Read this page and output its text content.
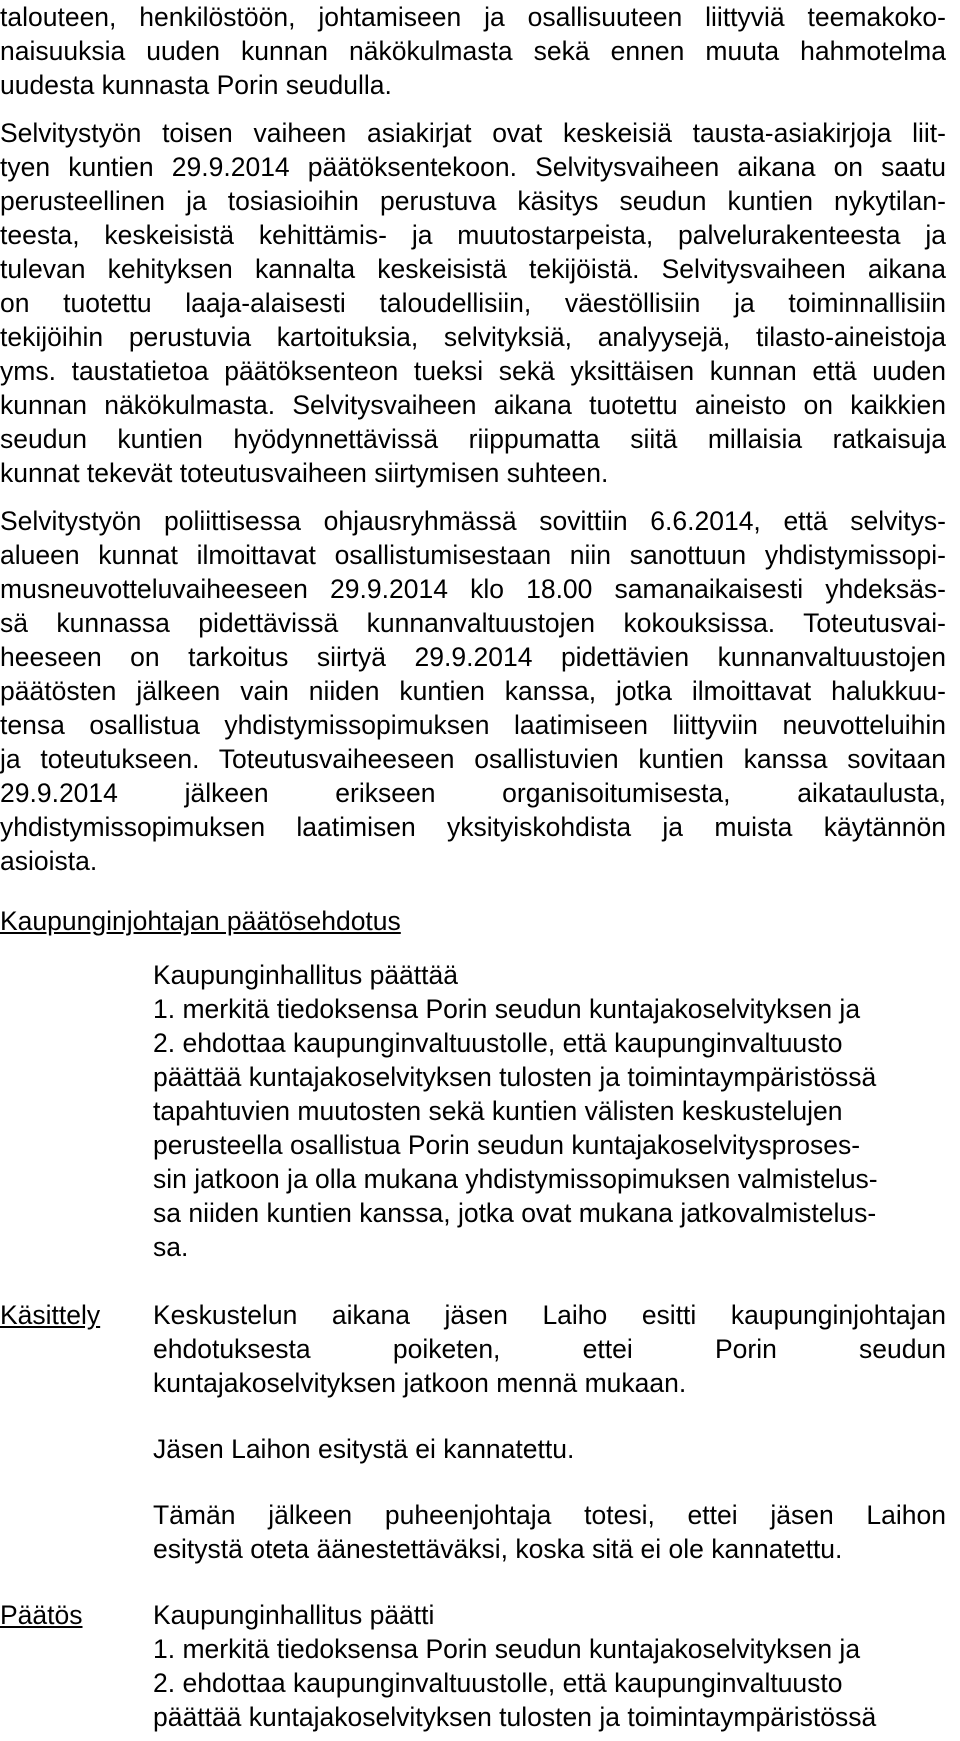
talouteen, henkilöstöön, johtamiseen ja osallisuuteen liittyviä teemakoko-
naisuuksia uuden kunnan näkökulmasta sekä ennen muuta hahmotelma
uudesta kunnasta Porin seudulla.
Selvitystyön toisen vaiheen asiakirjat ovat keskeisiä tausta-asiakirjoja liit-
tyen kuntien 29.9.2014 päätöksentekoon. Selvitysvaiheen aikana on saatu
perusteellinen ja tosiasioihin perustuva käsitys seudun kuntien nykytilan-
teesta, keskeisistä kehittämis- ja muutostarpeista, palvelurakenteesta ja
tulevan kehityksen kannalta keskeisistä tekijöistä. Selvitysvaiheen aikana
on tuotettu laaja-alaisesti taloudellisiin, väestöllisiin ja toiminnallisiin
tekijöihin perustuvia kartoituksia, selvityksiä, analyysejä, tilasto-aineistoja
yms. taustatietoa päätöksenteon tueksi sekä yksittäisen kunnan että uuden
kunnan näkökulmasta. Selvitysvaiheen aikana tuotettu aineisto on kaikkien
seudun kuntien hyödynnettävissä riippumatta siitä millaisia ratkaisuja
kunnat tekevät toteutusvaiheen siirtymisen suhteen.
Selvitystyön poliittisessa ohjausryhmässä sovittiin 6.6.2014, että selvitys-
alueen kunnat ilmoittavat osallistumisestaan niin sanottuun yhdistymissopi-
musneuvotteluvaiheeseen 29.9.2014 klo 18.00 samanaikaisesti yhdeksäs-
sä kunnassa pidettävissä kunnanvaltuustojen kokouksissa. Toteutusvai-
heeseen on tarkoitus siirtyä 29.9.2014 pidettävien kunnanvaltuustojen
päätösten jälkeen vain niiden kuntien kanssa, jotka ilmoittavat halukkuu-
tensa osallistua yhdistymissopimuksen laatimiseen liittyviin neuvotteluihin
ja toteutukseen. Toteutusvaiheeseen osallistuvien kuntien kanssa sovitaan
29.9.2014 jälkeen erikseen organisoitumisesta, aikataulusta,
yhdistymissopimuksen laatimisen yksityiskohdista ja muista käytännön
asioista.
Kaupunginjohtajan päätösehdotus
Kaupunginhallitus päättää
1. merkitä tiedoksensa Porin seudun kuntajakoselvityksen ja
2. ehdottaa kaupunginvaltuustolle, että kaupunginvaltuusto
päättää kuntajakoselvityksen tulosten ja toimintaympäristössä
tapahtuvien muutosten sekä kuntien välisten keskustelujen
perusteella osallistua Porin seudun kuntajakoselvitysproses-
sin jatkoon ja olla mukana yhdistymissopimuksen valmistelus-
sa niiden kuntien kanssa, jotka ovat mukana jatkovalmistelus-
sa.
Käsittely Keskustelun aikana jäsen Laiho esitti kaupunginjohtajan
ehdotuksesta poiketen, ettei Porin seudun
kuntajakoselvityksen jatkoon mennä mukaan.
Jäsen Laihon esitystä ei kannatettu.
Tämän jälkeen puheenjohtaja totesi, ettei jäsen Laihon
esitystä oteta äänestettäväksi, koska sitä ei ole kannatettu.
Päätös	Kaupunginhallitus päätti
1. merkitä tiedoksensa Porin seudun kuntajakoselvityksen ja
2. ehdottaa kaupunginvaltuustolle, että kaupunginvaltuusto
päättää kuntajakoselvityksen tulosten ja toimintaympäristössä
